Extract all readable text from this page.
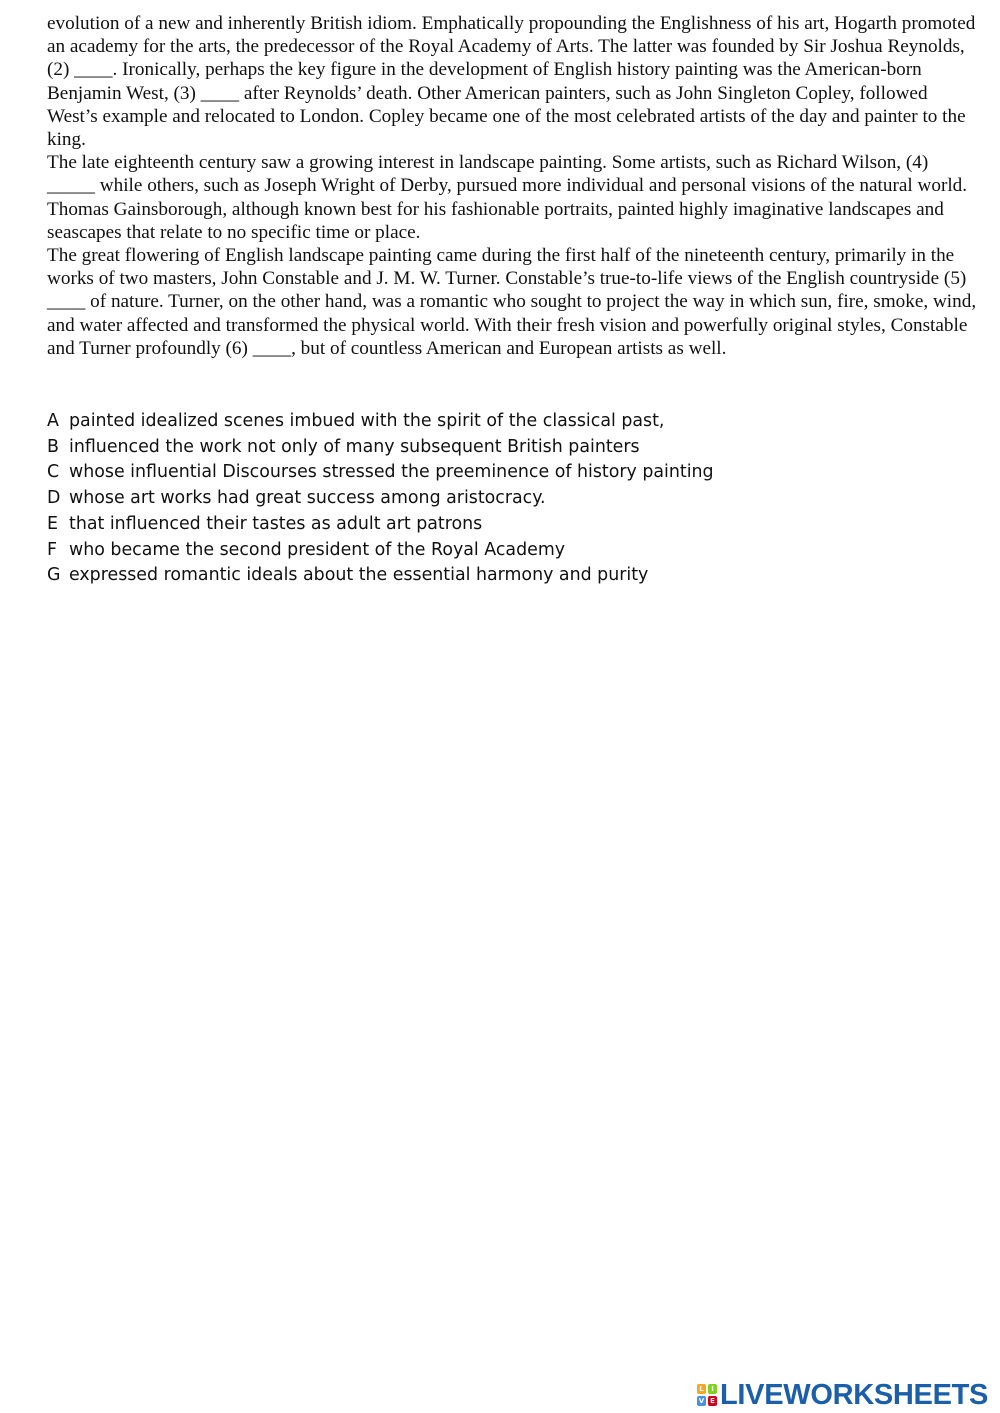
evolution of a new and inherently British idiom. Emphatically propounding the Englishness of his art, Hogarth promoted an academy for the arts, the predecessor of the Royal Academy of Arts. The latter was founded by Sir Joshua Reynolds, (2) ____. Ironically, perhaps the key figure in the development of English history painting was the American-born Benjamin West, (3) ____ after Reynolds’ death. Other American painters, such as John Singleton Copley, followed West’s example and relocated to London. Copley became one of the most celebrated artists of the day and painter to the king.

The late eighteenth century saw a growing interest in landscape painting. Some artists, such as Richard Wilson, (4) _____ while others, such as Joseph Wright of Derby, pursued more individual and personal visions of the natural world. Thomas Gainsborough, although known best for his fashionable portraits, painted highly imaginative landscapes and seascapes that relate to no specific time or place.

The great flowering of English landscape painting came during the first half of the nineteenth century, primarily in the works of two masters, John Constable and J. M. W. Turner. Constable’s true-to-life views of the English countryside (5) ____ of nature. Turner, on the other hand, was a romantic who sought to project the way in which sun, fire, smoke, wind, and water affected and transformed the physical world. With their fresh vision and powerfully original styles, Constable and Turner profoundly (6) ____, but of countless American and European artists as well.

A painted idealized scenes imbued with the spirit of the classical past,
B influenced the work not only of many subsequent British painters
C whose influential Discourses stressed the preeminence of history painting
D whose art works had great success among aristocracy.
E that influenced their tastes as adult art patrons
F who became the second president of the Royal Academy
G expressed romantic ideals about the essential harmony and purity
L	I
V E LIVEWORKSHEETS
